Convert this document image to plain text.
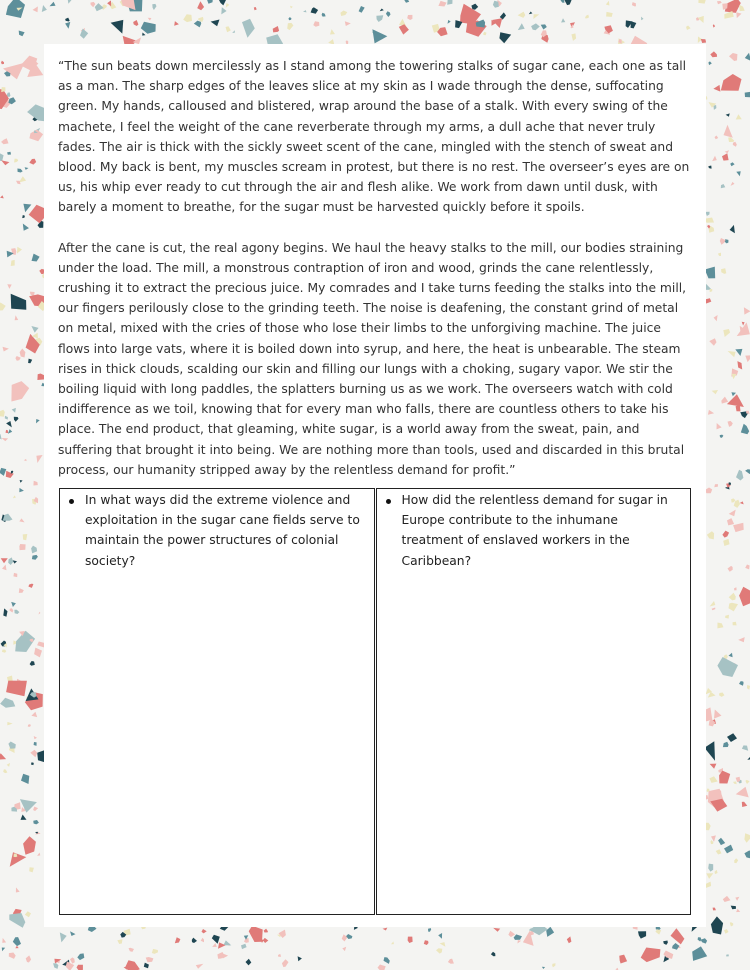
“The sun beats down mercilessly as I stand among the towering stalks of sugar cane, each one as tall as a man. The sharp edges of the leaves slice at my skin as I wade through the dense, suffocating green. My hands, calloused and blistered, wrap around the base of a stalk. With every swing of the machete, I feel the weight of the cane reverberate through my arms, a dull ache that never truly fades. The air is thick with the sickly sweet scent of the cane, mingled with the stench of sweat and blood. My back is bent, my muscles scream in protest, but there is no rest. The overseer’s eyes are on us, his whip ever ready to cut through the air and flesh alike. We work from dawn until dusk, with barely a moment to breathe, for the sugar must be harvested quickly before it spoils.

After the cane is cut, the real agony begins. We haul the heavy stalks to the mill, our bodies straining under the load. The mill, a monstrous contraption of iron and wood, grinds the cane relentlessly, crushing it to extract the precious juice. My comrades and I take turns feeding the stalks into the mill, our fingers perilously close to the grinding teeth. The noise is deafening, the constant grind of metal on metal, mixed with the cries of those who lose their limbs to the unforgiving machine. The juice flows into large vats, where it is boiled down into syrup, and here, the heat is unbearable. The steam rises in thick clouds, scalding our skin and filling our lungs with a choking, sugary vapor. We stir the boiling liquid with long paddles, the splatters burning us as we work. The overseers watch with cold indifference as we toil, knowing that for every man who falls, there are countless others to take his place. The end product, that gleaming, white sugar, is a world away from the sweat, pain, and suffering that brought it into being. We are nothing more than tools, used and discarded in this brutal process, our humanity stripped away by the relentless demand for profit.”

In what ways did the extreme violence and exploitation in the sugar cane fields serve to maintain the power structures of colonial society?
How did the relentless demand for sugar in Europe contribute to the inhumane treatment of enslaved workers in the Caribbean?
